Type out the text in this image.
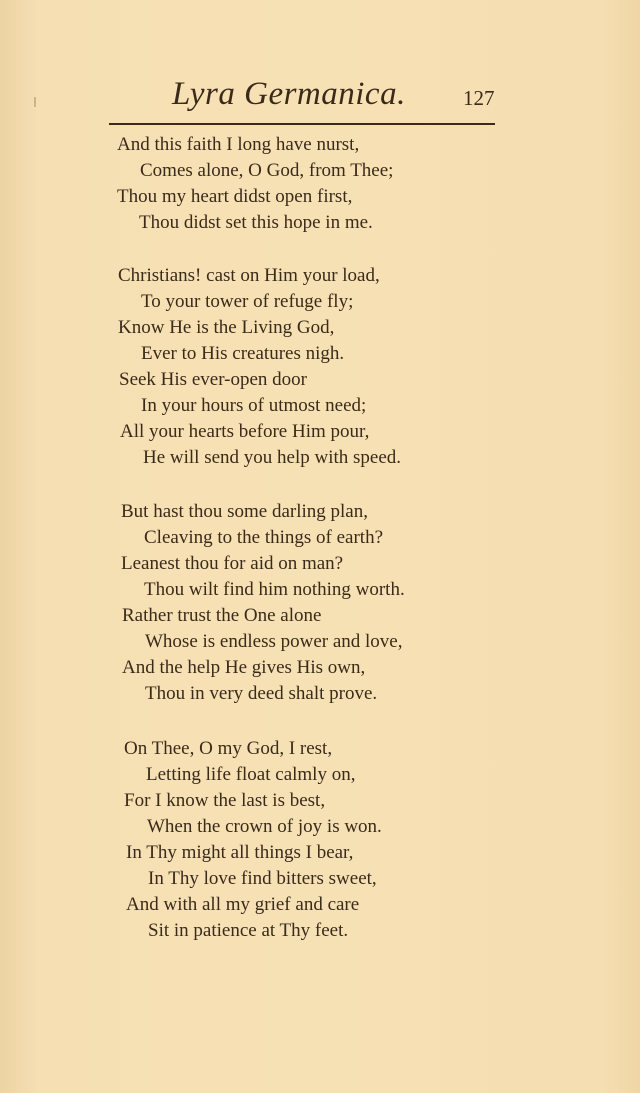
Lyra Germanica.	127
And this faith I long have nurst,
Comes alone, O God, from Thee;
Thou my heart didst open first,
Thou didst set this hope in me.
Christians! cast on Him your load,
To your tower of refuge fly;
Know He is the Living God,
Ever to His creatures nigh.
Seek His ever-open door
In your hours of utmost need;
All your hearts before Him pour,
He will send you help with speed.
But hast thou some darling plan,
Cleaving to the things of earth?
Leanest thou for aid on man?
Thou wilt find him nothing worth.
Rather trust the One alone
Whose is endless power and love,
And the help He gives His own,
Thou in very deed shalt prove.
On Thee, O my God, I rest,
Letting life float calmly on,
For I know the last is best,
When the crown of joy is won.
In Thy might all things I bear,
In Thy love find bitters sweet,
And with all my grief and care
Sit in patience at Thy feet.
